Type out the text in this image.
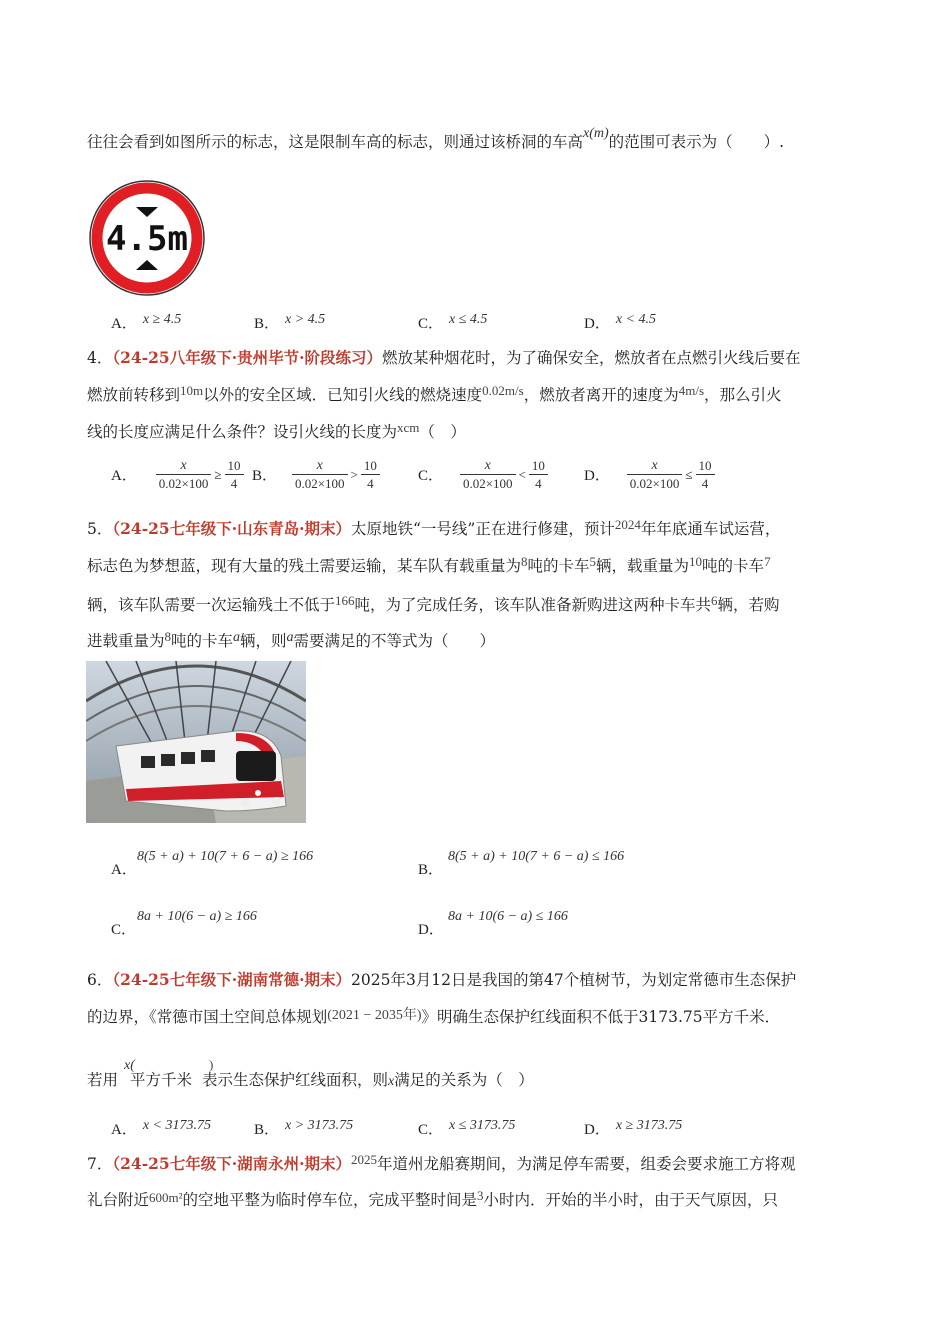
往往会看到如图所示的标志，这是限制车高的标志，则通过该桥洞的车高x(m)的范围可表示为（　　）.
4.5m
A． x ≥ 4.5	B． x > 4.5	C． x ≤ 4.5	D． x < 4.5
4．（24-25八年级下·贵州毕节·阶段练习）燃放某种烟花时，为了确保安全，燃放者在点燃引火线后要在
燃放前转移到$^{10m}$以外的安全区域．已知引火线的燃烧速度$^{0.02m/s}$，燃放者离开的速度为$^{4m/s}$，那么引火
线的长度应满足什么条件？设引火线的长度为$^{xcm}$（　）
A． $\frac{x}{0.02\times 100} \ge \frac{10}{4}$ B． $\frac{x}{0.02\times 100} > \frac{10}{4}$	C． $\frac{x}{0.02\times 100} < \frac{10}{4}$ D． $\frac{x}{0.02\times 100} \le \frac{10}{4}$
5．（24-25七年级下·山东青岛·期末）太原地铁“一号线”正在进行修建，预计$^{2024}$年年底通车试运营，
标志色为梦想蓝，现有大量的残土需要运输，某车队有载重量为$^8$吨的卡车$^5$辆，载重量为$^{10}$吨的卡车$^7$
辆，该车队需要一次运输残土不低于$^{166}$吨，为了完成任务，该车队准备新购进这两种卡车共$^6$辆，若购
进载重量为$^8$吨的卡车a辆，则a需要满足的不等式为（　　）
A．
8(5 + a) + 10(7 + 6 − a) ≥ 166
B．
8(5 + a) + 10(7 + 6 − a) ≤ 166
C．
8a + 10(6 − a) ≥ 166
D．
8a + 10(6 − a) ≤ 166
6．（24-25七年级下·湖南常德·期末）2025年3月12日是我国的第47个植树节，为划定常德市生态保护
的边界，《常德市国土空间总体规划(2021 − 2035年)》明确生态保护红线面积不低于3173.75平方千米．
x(	)
若用 平方千米 表示生态保护红线面积，则x满足的关系为（　）
A． x < 3173.75	B． x > 3173.75	C． x ≤ 3173.75	D． x ≥ 3173.75
7．（24-25七年级下·湖南永州·期末）$^{2025}$年道州龙船赛期间，为满足停车需要，组委会要求施工方将观
礼台附近600m²的空地平整为临时停车位，完成平整时间是$^3$小时内．开始的半小时，由于天气原因，只
